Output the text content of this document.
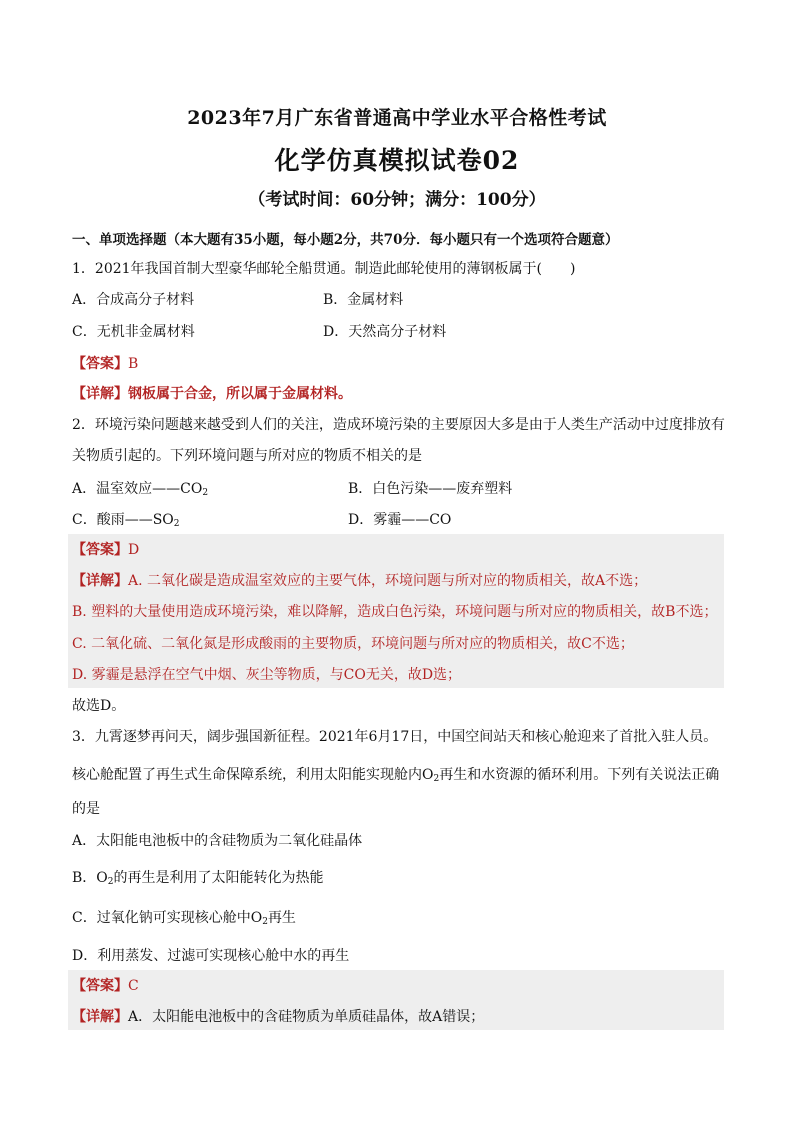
2023年7月广东省普通高中学业水平合格性考试
化学仿真模拟试卷02
（考试时间：60分钟；满分：100分）
一、单项选择题（本大题有35小题，每小题2分，共70分．每小题只有一个选项符合题意）
1．2021年我国首制大型豪华邮轮全船贯通。制造此邮轮使用的薄钢板属于(　　)
A．合成高分子材料	B．金属材料
C．无机非金属材料	D．天然高分子材料
【答案】B
【详解】钢板属于合金，所以属于金属材料。
2．环境污染问题越来越受到人们的关注，造成环境污染的主要原因大多是由于人类生产活动中过度排放有
关物质引起的。下列环境问题与所对应的物质不相关的是
A．温室效应$——CO_2$	B．白色污染——废弃塑料
C．酸雨$——SO_2$	D．雾霾——CO
【答案】D
【详解】A. 二氧化碳是造成温室效应的主要气体，环境问题与所对应的物质相关，故A不选；
B. 塑料的大量使用造成环境污染，难以降解，造成白色污染，环境问题与所对应的物质相关，故B不选；
C. 二氧化硫、二氧化氮是形成酸雨的主要物质，环境问题与所对应的物质相关，故C不选；
D. 雾霾是悬浮在空气中烟、灰尘等物质，与CO无关，故D选；
故选D。
3．九霄逐梦再问天，阔步强国新征程。2021年6月17日，中国空间站天和核心舱迎来了首批入驻人员。
核心舱配置了再生式生命保障系统，利用太阳能实现舱内$O_2$再生和水资源的循环利用。下列有关说法正确
的是
A．太阳能电池板中的含硅物质为二氧化硅晶体
B．$O_2$的再生是利用了太阳能转化为热能
C．过氧化钠可实现核心舱中$O_2$再生
D．利用蒸发、过滤可实现核心舱中水的再生
【答案】C
【详解】A．太阳能电池板中的含硅物质为单质硅晶体，故A错误；
